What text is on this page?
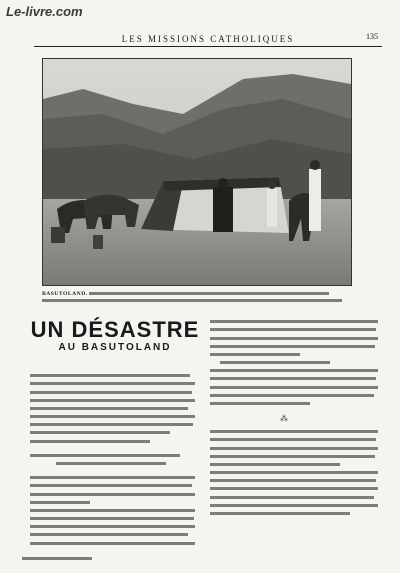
Le-livre.com
LES MISSIONS CATHOLIQUES	135
BASUTOLAND.

UN DÉSASTRE
AU BASUTOLAND
⁂
